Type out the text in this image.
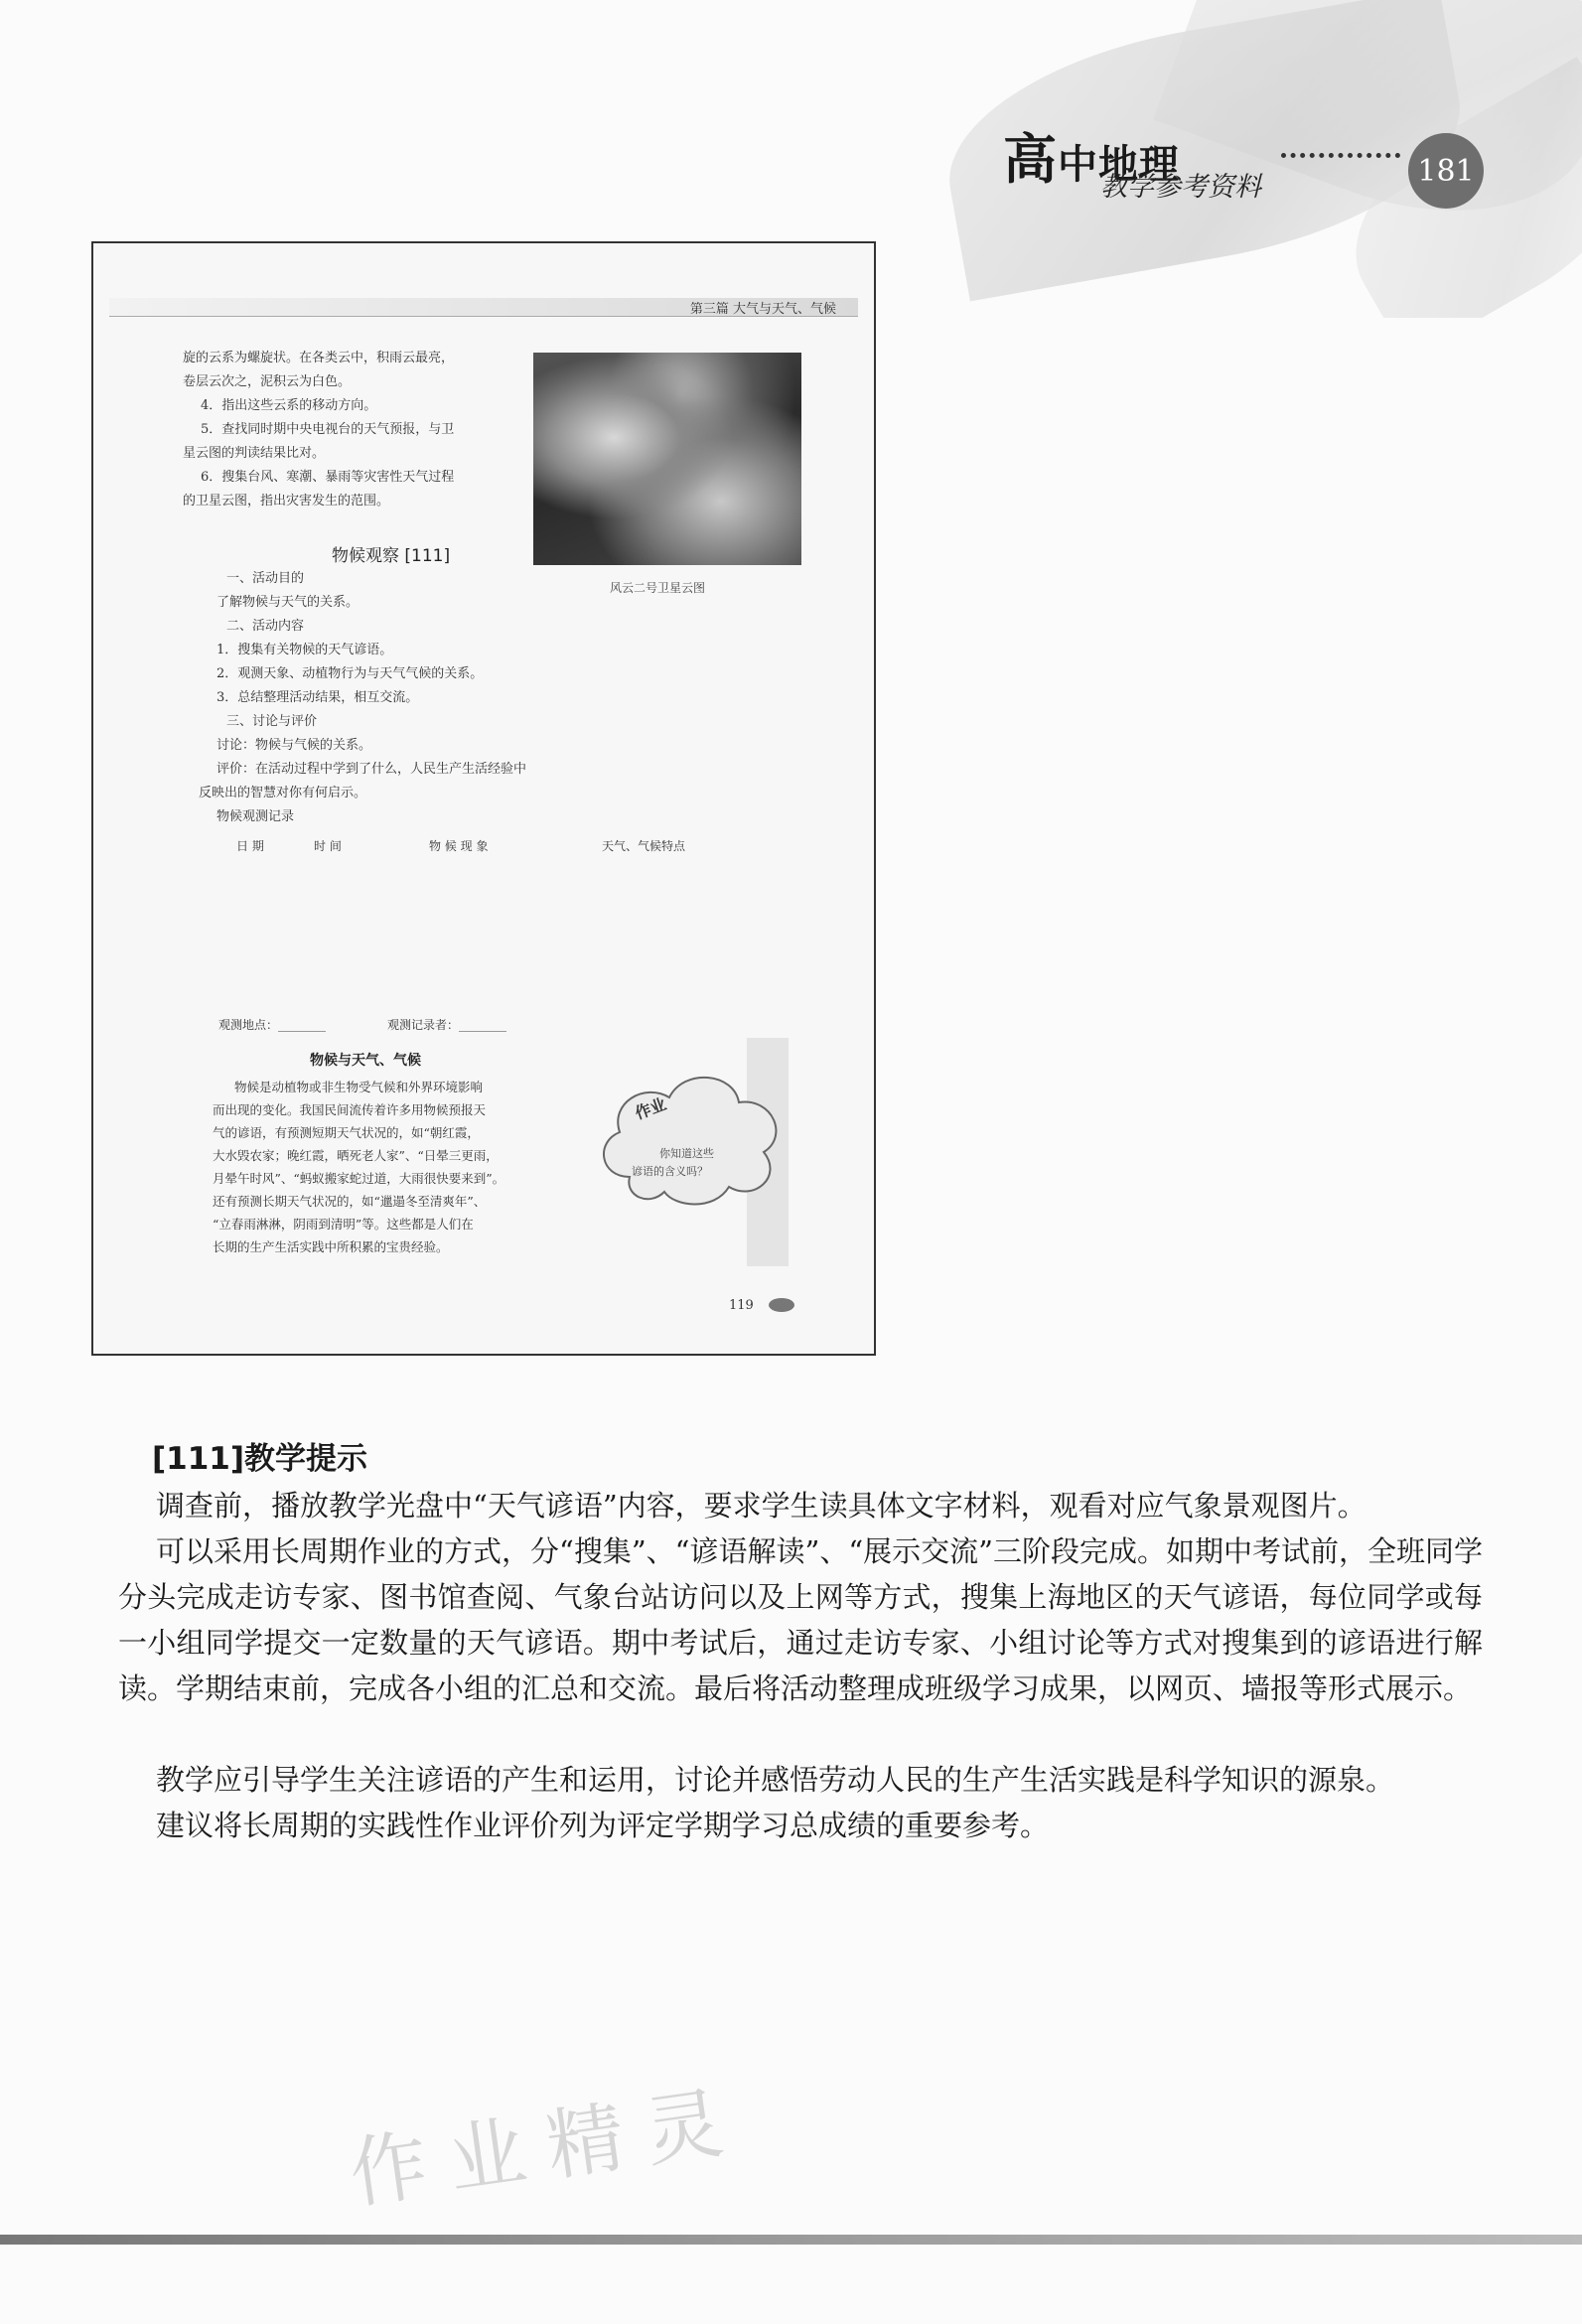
高中地理
教学参考资料	181
第三篇 大气与天气、气候
旋的云系为螺旋状。在各类云中，积雨云最亮，
卷层云次之，泥积云为白色。
4．指出这些云系的移动方向。
5．查找同时期中央电视台的天气预报，与卫
星云图的判读结果比对。
6．搜集台风、寒潮、暴雨等灾害性天气过程
的卫星云图，指出灾害发生的范围。
风云二号卫星云图
物候观察 [111]
一、活动目的
了解物候与天气的关系。
二、活动内容
1．搜集有关物候的天气谚语。
2．观测天象、动植物行为与天气气候的关系。
3．总结整理活动结果，相互交流。
三、讨论与评价
讨论：物候与气候的关系。
评价：在活动过程中学到了什么，人民生产生活经验中
反映出的智慧对你有何启示。
物候观测记录
日 期	时 间	物 候 现 象	天气、气候特点
观测地点：________	观测记录者：________
物候与天气、气候
物候是动植物或非生物受气候和外界环境影响
而出现的变化。我国民间流传着许多用物候预报天
气的谚语，有预测短期天气状况的，如“朝红霞，
大水毁农家；晚红霞，晒死老人家”、“日晕三更雨，
月晕午时风”、“蚂蚁搬家蛇过道，大雨很快要来到”。
还有预测长期天气状况的，如“邋遢冬至清爽年”、
“立春雨淋淋，阴雨到清明”等。这些都是人们在
长期的生产生活实践中所积累的宝贵经验。
作业
你知道这些
谚语的含义吗？
119
[111]教学提示
调查前，播放教学光盘中“天气谚语”内容，要求学生读具体文字材料，观看对应气象景观图片。
可以采用长周期作业的方式，分“搜集”、“谚语解读”、“展示交流”三阶段完成。如期中考试前，全班同学分头完成走访专家、图书馆查阅、气象台站访问以及上网等方式，搜集上海地区的天气谚语，每位同学或每一小组同学提交一定数量的天气谚语。期中考试后，通过走访专家、小组讨论等方式对搜集到的谚语进行解读。学期结束前，完成各小组的汇总和交流。最后将活动整理成班级学习成果，以网页、墙报等形式展示。
教学应引导学生关注谚语的产生和运用，讨论并感悟劳动人民的生产生活实践是科学知识的源泉。
建议将长周期的实践性作业评价列为评定学期学习总成绩的重要参考。
作业精灵
